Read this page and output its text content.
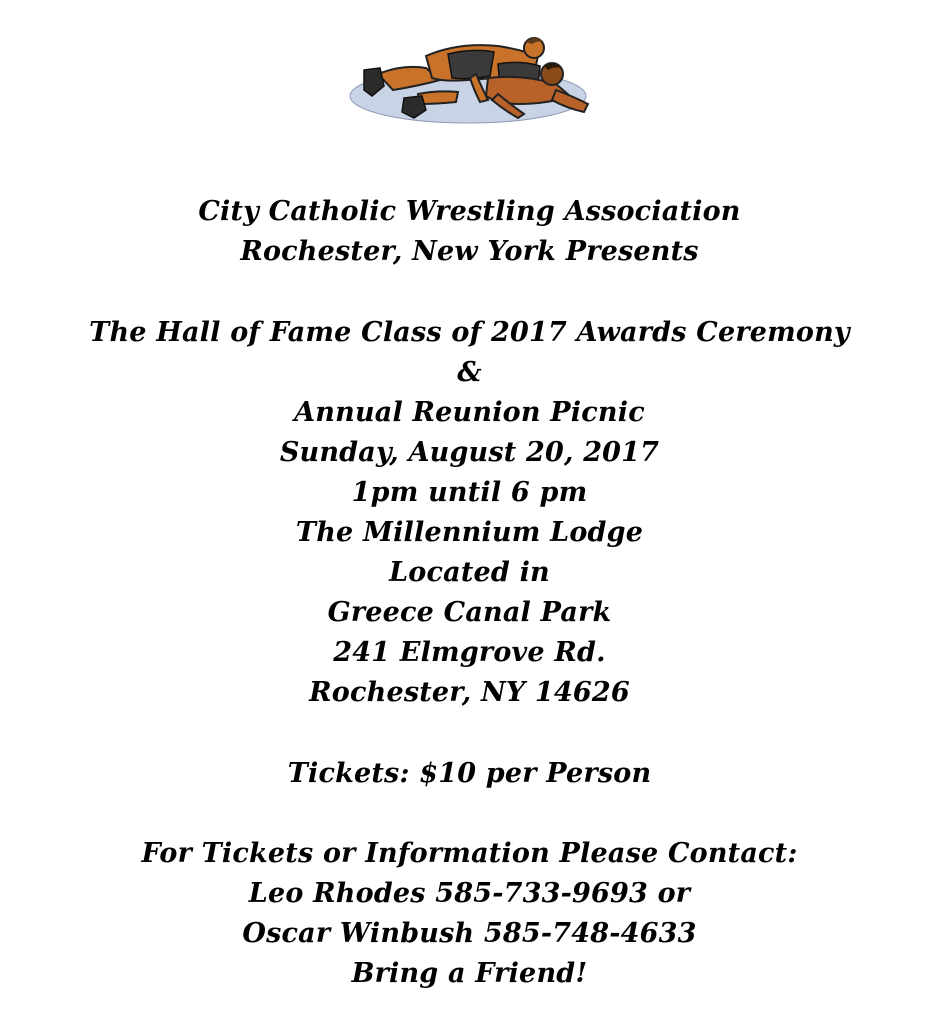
City Catholic Wrestling Association
Rochester, New York Presents
The Hall of Fame Class of 2017 Awards Ceremony
&
Annual Reunion Picnic
Sunday, August 20, 2017
1pm until 6 pm
The Millennium Lodge
Located in
Greece Canal Park
241 Elmgrove Rd.
Rochester, NY 14626
Tickets: $10 per Person
For Tickets or Information Please Contact:
Leo Rhodes 585-733-9693 or
Oscar Winbush 585-748-4633
Bring a Friend!
